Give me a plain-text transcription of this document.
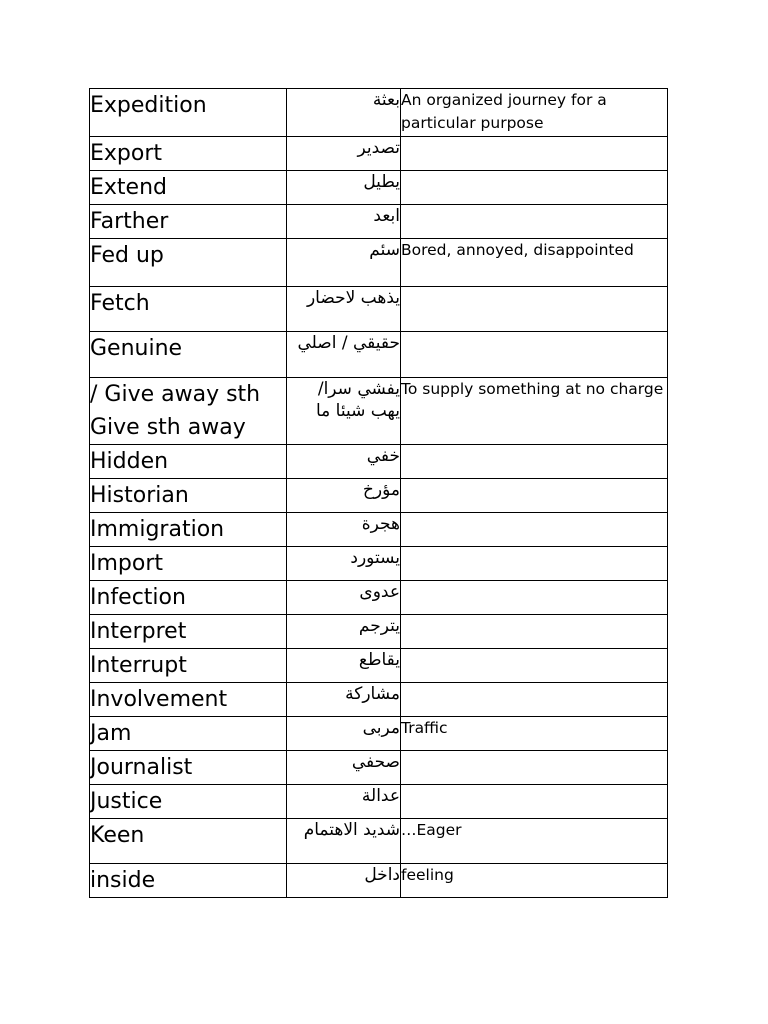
Expedition	بعثة	An organized journey for a particular purpose
Export	تصدير	
Extend	يطيل	
Farther	ابعد	
Fed up	سئم	Bored, annoyed, disappointed
Fetch	يذهب لاحضار	
Genuine	حقيقي / اصلي	

/ Give away sth
Give sth away	يفشي سرا/ يهب شيئا ما	To supply something at no charge
Hidden	خفي	
Historian	مؤرخ	
Immigration	هجرة	
Import	يستورد	
Infection	عدوى	
Interpret	يترجم	
Interrupt	يقاطع	
Involvement	مشاركة	
Jam	مربى	Traffic
Journalist	صحفي	
Justice	عدالة	
Keen	شديد الاهتمام	…Eager
inside	داخل	feeling
